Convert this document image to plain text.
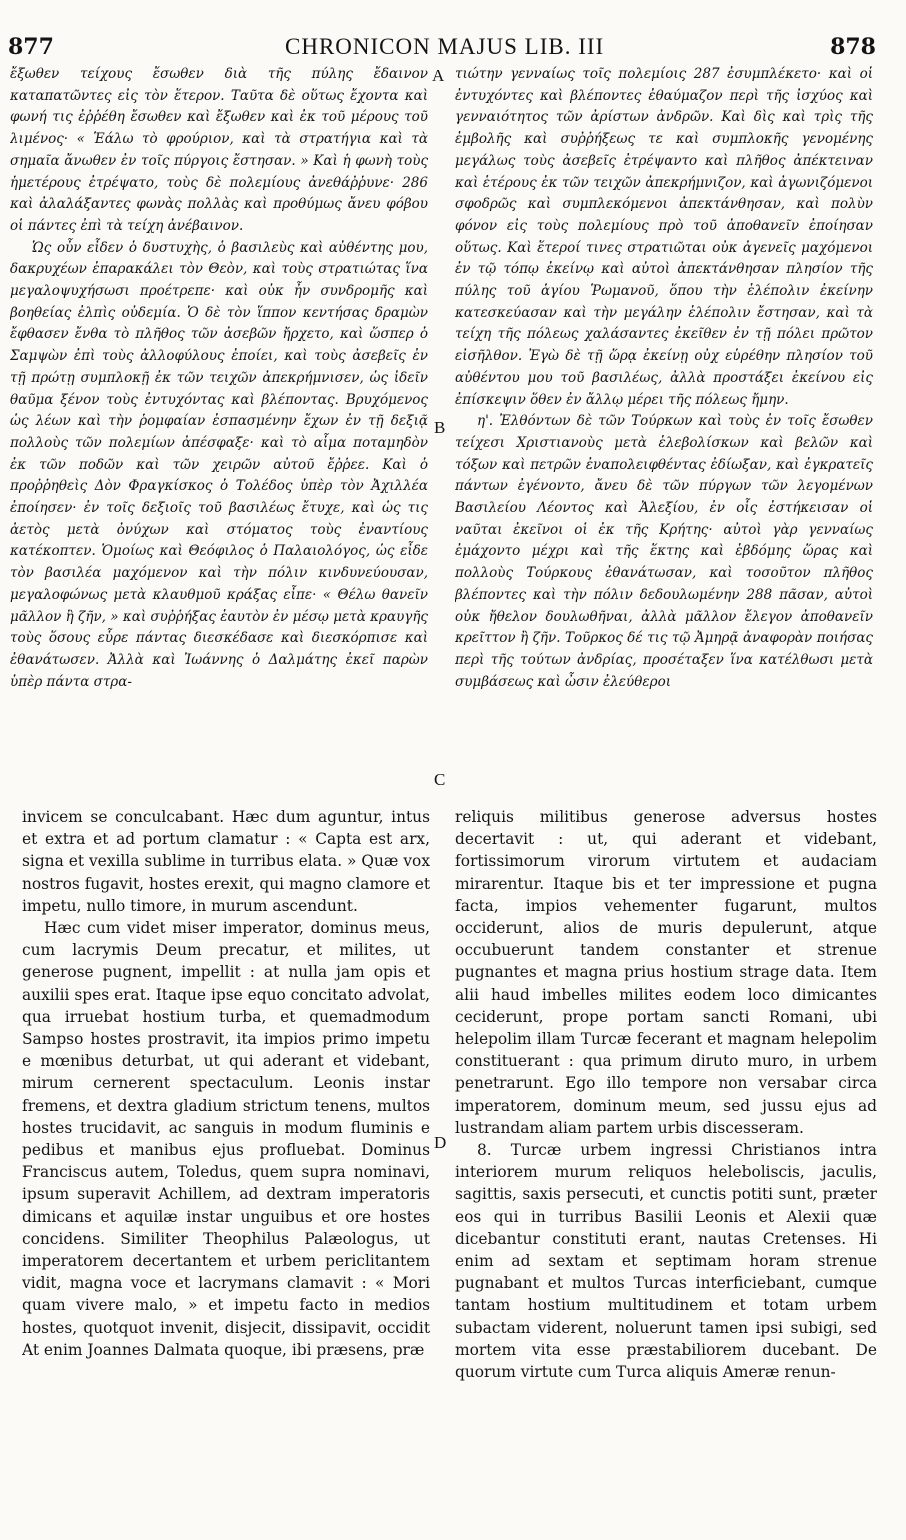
877	CHRONICON MAJUS LIB. III	878
A
B
C
D

ἔξωθεν τείχους ἔσωθεν διὰ τῆς πύλης ἔδαινον καταπατῶντες εἰς τὸν ἕτερον. Ταῦτα δὲ οὕτως ἔχοντα καὶ φωνή τις ἐῤῥέθη ἔσωθεν καὶ ἔξωθεν καὶ ἐκ τοῦ μέρους τοῦ λιμένος· « Ἑάλω τὸ φρούριον, καὶ τὰ στρατήγια καὶ τὰ σημαῖα ἄνωθεν ἐν τοῖς πύργοις ἔστησαν. » Καὶ ἡ φωνὴ τοὺς ἡμετέρους ἐτρέψατο, τοὺς δὲ πολεμίους ἀνεθάῤῥυνε· 286 καὶ ἀλαλάξαντες φωνὰς πολλὰς καὶ προθύμως ἄνευ φόβου οἱ πάντες ἐπὶ τὰ τείχη ἀνέβαινον.

Ὡς οὖν εἶδεν ὁ δυστυχὴς, ὁ βασιλεὺς καὶ αὐθέντης μου, δακρυχέων ἐπαρακάλει τὸν Θεὸν, καὶ τοὺς στρατιώτας ἵνα μεγαλοψυχήσωσι προέτρεπε· καὶ οὐκ ἦν συνδρομῆς καὶ βοηθείας ἐλπὶς οὐδεμία. Ὁ δὲ τὸν ἵππον κεντήσας δραμὼν ἔφθασεν ἔνθα τὸ πλῆθος τῶν ἀσεβῶν ἤρχετο, καὶ ὥσπερ ὁ Σαμψὼν ἐπὶ τοὺς ἀλλοφύλους ἐποίει, καὶ τοὺς ἀσεβεῖς ἐν τῇ πρώτῃ συμπλοκῇ ἐκ τῶν τειχῶν ἀπεκρήμνισεν, ὡς ἰδεῖν θαῦμα ξένον τοὺς ἐντυχόντας καὶ βλέποντας. Βρυχόμενος ὡς λέων καὶ τὴν ῥομφαίαν ἐσπασμένην ἔχων ἐν τῇ δεξιᾷ πολλοὺς τῶν πολεμίων ἀπέσφαξε· καὶ τὸ αἷμα ποταμηδὸν ἐκ τῶν ποδῶν καὶ τῶν χειρῶν αὐτοῦ ἔῤῥεε. Καὶ ὁ προῤῥηθεὶς Δὸν Φραγκίσκος ὁ Τολέδος ὑπὲρ τὸν Ἀχιλλέα ἐποίησεν· ἐν τοῖς δεξιοῖς τοῦ βασιλέως ἔτυχε, καὶ ὡς τις ἀετὸς μετὰ ὀνύχων καὶ στόματος τοὺς ἐναντίους κατέκοπτεν. Ὁμοίως καὶ Θεόφιλος ὁ Παλαιολόγος, ὡς εἶδε τὸν βασιλέα μαχόμενον καὶ τὴν πόλιν κινδυνεύουσαν, μεγαλοφώνως μετὰ κλαυθμοῦ κράξας εἶπε· « Θέλω θανεῖν μᾶλλον ἢ ζῆν, » καὶ συῤῥήξας ἑαυτὸν ἐν μέσῳ μετὰ κραυγῆς τοὺς ὅσους εὗρε πάντας διεσκέδασε καὶ διεσκόρπισε καὶ ἐθανάτωσεν. Ἀλλὰ καὶ Ἰωάννης ὁ Δαλμάτης ἐκεῖ παρὼν ὑπὲρ πάντα στρα-

τιώτην γενναίως τοῖς πολεμίοις 287 ἐσυμπλέκετο· καὶ οἱ ἐντυχόντες καὶ βλέποντες ἐθαύμαζον περὶ τῆς ἰσχύος καὶ γενναιότητος τῶν ἀρίστων ἀνδρῶν. Καὶ δὶς καὶ τρὶς τῆς ἐμβολῆς καὶ συῤῥήξεως τε καὶ συμπλοκῆς γενομένης μεγάλως τοὺς ἀσεβεῖς ἐτρέψαντο καὶ πλῆθος ἀπέκτειναν καὶ ἑτέρους ἐκ τῶν τειχῶν ἀπεκρήμνιζον, καὶ ἀγωνιζόμενοι σφοδρῶς καὶ συμπλεκόμενοι ἀπεκτάνθησαν, καὶ πολὺν φόνον εἰς τοὺς πολεμίους πρὸ τοῦ ἀποθανεῖν ἐποίησαν οὕτως. Καὶ ἕτεροί τινες στρατιῶται οὐκ ἀγενεῖς μαχόμενοι ἐν τῷ τόπῳ ἐκείνῳ καὶ αὐτοὶ ἀπεκτάνθησαν πλησίον τῆς πύλης τοῦ ἁγίου Ῥωμανοῦ, ὅπου τὴν ἑλέπολιν ἐκείνην κατεσκεύασαν καὶ τὴν μεγάλην ἑλέπολιν ἔστησαν, καὶ τὰ τείχη τῆς πόλεως χαλάσαντες ἐκεῖθεν ἐν τῇ πόλει πρῶτον εἰσῆλθον. Ἐγὼ δὲ τῇ ὥρᾳ ἐκείνῃ οὐχ εὑρέθην πλησίον τοῦ αὐθέντου μου τοῦ βασιλέως, ἀλλὰ προστάξει ἐκείνου εἰς ἐπίσκεψιν ὅθεν ἐν ἄλλῳ μέρει τῆς πόλεως ἤμην.

η'. Ἐλθόντων δὲ τῶν Τούρκων καὶ τοὺς ἐν τοῖς ἔσωθεν τείχεσι Χριστιανοὺς μετὰ ἑλεβολίσκων καὶ βελῶν καὶ τόξων καὶ πετρῶν ἐναπολειφθέντας ἐδίωξαν, καὶ ἐγκρατεῖς πάντων ἐγένοντο, ἄνευ δὲ τῶν πύργων τῶν λεγομένων Βασιλείου Λέοντος καὶ Ἀλεξίου, ἐν οἷς ἐστήκεισαν οἱ ναῦται ἐκεῖνοι οἱ ἐκ τῆς Κρήτης· αὐτοὶ γὰρ γενναίως ἐμάχοντο μέχρι καὶ τῆς ἕκτης καὶ ἑβδόμης ὥρας καὶ πολλοὺς Τούρκους ἐθανάτωσαν, καὶ τοσοῦτον πλῆθος βλέποντες καὶ τὴν πόλιν δεδουλωμένην 288 πᾶσαν, αὐτοὶ οὐκ ἤθελον δουλωθῆναι, ἀλλὰ μᾶλλον ἔλεγον ἀποθανεῖν κρεῖττον ἢ ζῆν. Τοῦρκος δέ τις τῷ Ἀμηρᾷ ἀναφορὰν ποιήσας περὶ τῆς τούτων ἀνδρίας, προσέταξεν ἵνα κατέλθωσι μετὰ συμβάσεως καὶ ὦσιν ἐλεύθεροι

invicem se conculcabant. Hæc dum aguntur, intus et extra et ad portum clamatur : « Capta est arx, signa et vexilla sublime in turribus elata. » Quæ vox nostros fugavit, hostes erexit, qui magno clamore et impetu, nullo timore, in murum ascendunt.

Hæc cum videt miser imperator, dominus meus, cum lacrymis Deum precatur, et milites, ut generose pugnent, impellit : at nulla jam opis et auxilii spes erat. Itaque ipse equo concitato advolat, qua irruebat hostium turba, et quemadmodum Sampso hostes prostravit, ita impios primo impetu e mœnibus deturbat, ut qui aderant et videbant, mirum cernerent spectaculum. Leonis instar fremens, et dextra gladium strictum tenens, multos hostes trucidavit, ac sanguis in modum fluminis e pedibus et manibus ejus profluebat. Dominus Franciscus autem, Toledus, quem supra nominavi, ipsum superavit Achillem, ad dextram imperatoris dimicans et aquilæ instar unguibus et ore hostes concidens. Similiter Theophilus Palæologus, ut imperatorem decertantem et urbem periclitantem vidit, magna voce et lacrymans clamavit : « Mori quam vivere malo, » et impetu facto in medios hostes, quotquot invenit, disjecit, dissipavit, occidit At enim Joannes Dalmata quoque, ibi præsens, præ

reliquis militibus generose adversus hostes decertavit : ut, qui aderant et videbant, fortissimorum virorum virtutem et audaciam mirarentur. Itaque bis et ter impressione et pugna facta, impios vehementer fugarunt, multos occiderunt, alios de muris depulerunt, atque occubuerunt tandem constanter et strenue pugnantes et magna prius hostium strage data. Item alii haud imbelles milites eodem loco dimicantes ceciderunt, prope portam sancti Romani, ubi helepolim illam Turcæ fecerant et magnam helepolim constituerant : qua primum diruto muro, in urbem penetrarunt. Ego illo tempore non versabar circa imperatorem, dominum meum, sed jussu ejus ad lustrandam aliam partem urbis discesseram.

8. Turcæ urbem ingressi Christianos intra interiorem murum reliquos heleboliscis, jaculis, sagittis, saxis persecuti, et cunctis potiti sunt, præter eos qui in turribus Basilii Leonis et Alexii quæ dicebantur constituti erant, nautas Cretenses. Hi enim ad sextam et septimam horam strenue pugnabant et multos Turcas interficiebant, cumque tantam hostium multitudinem et totam urbem subactam viderent, noluerunt tamen ipsi subigi, sed mortem vita esse præstabiliorem ducebant. De quorum virtute cum Turca aliquis Ameræ renun-
